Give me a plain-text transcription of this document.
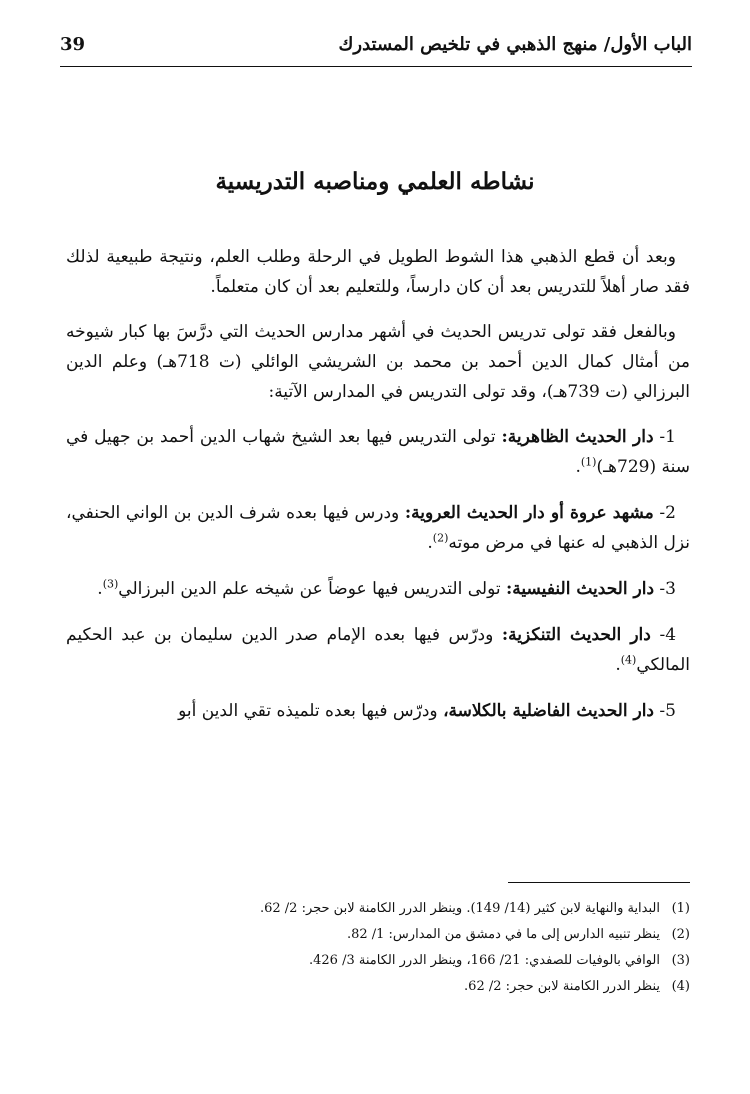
الباب الأول/ منهج الذهبي في تلخيص المستدرك
39
نشاطه العلمي ومناصبه التدريسية

وبعد أن قطع الذهبي هذا الشوط الطويل في الرحلة وطلب العلم، ونتيجة طبيعية لذلك فقد صار أهلاً للتدريس بعد أن كان دارساً، وللتعليم بعد أن كان متعلماً.

وبالفعل فقد تولى تدريس الحديث في أشهر مدارس الحديث التي درَّسَ بها كبار شيوخه من أمثال كمال الدين أحمد بن محمد بن الشريشي الوائلي (ت 718هـ) وعلم الدين البرزالي (ت 739هـ)، وقد تولى التدريس في المدارس الآتية:

1- دار الحديث الظاهرية: تولى التدريس فيها بعد الشيخ شهاب الدين أحمد بن جهيل في سنة (729هـ)$^{(1)}$.

2- مشهد عروة أو دار الحديث العروية: ودرس فيها بعده شرف الدين بن الواني الحنفي، نزل الذهبي له عنها في مرض موته$^{(2)}$.

3- دار الحديث النفيسية: تولى التدريس فيها عوضاً عن شيخه علم الدين البرزالي$^{(3)}$.

4- دار الحديث التنكزية: ودرّس فيها بعده الإمام صدر الدين سليمان بن عبد الحكيم المالكي$^{(4)}$.

5- دار الحديث الفاضلية بالكلاسة، ودرّس فيها بعده تلميذه تقي الدين أبو

(1)البداية والنهاية لابن كثير (14/ 149). وينظر الدرر الكامنة لابن حجر: 2/ 62.
(2)ينظر تنبيه الدارس إلى ما في دمشق من المدارس: 1/ 82.
(3)الوافي بالوفيات للصفدي: 21/ 166، وينظر الدرر الكامنة 3/ 426.
(4)ينظر الدرر الكامنة لابن حجر: 2/ 62.
